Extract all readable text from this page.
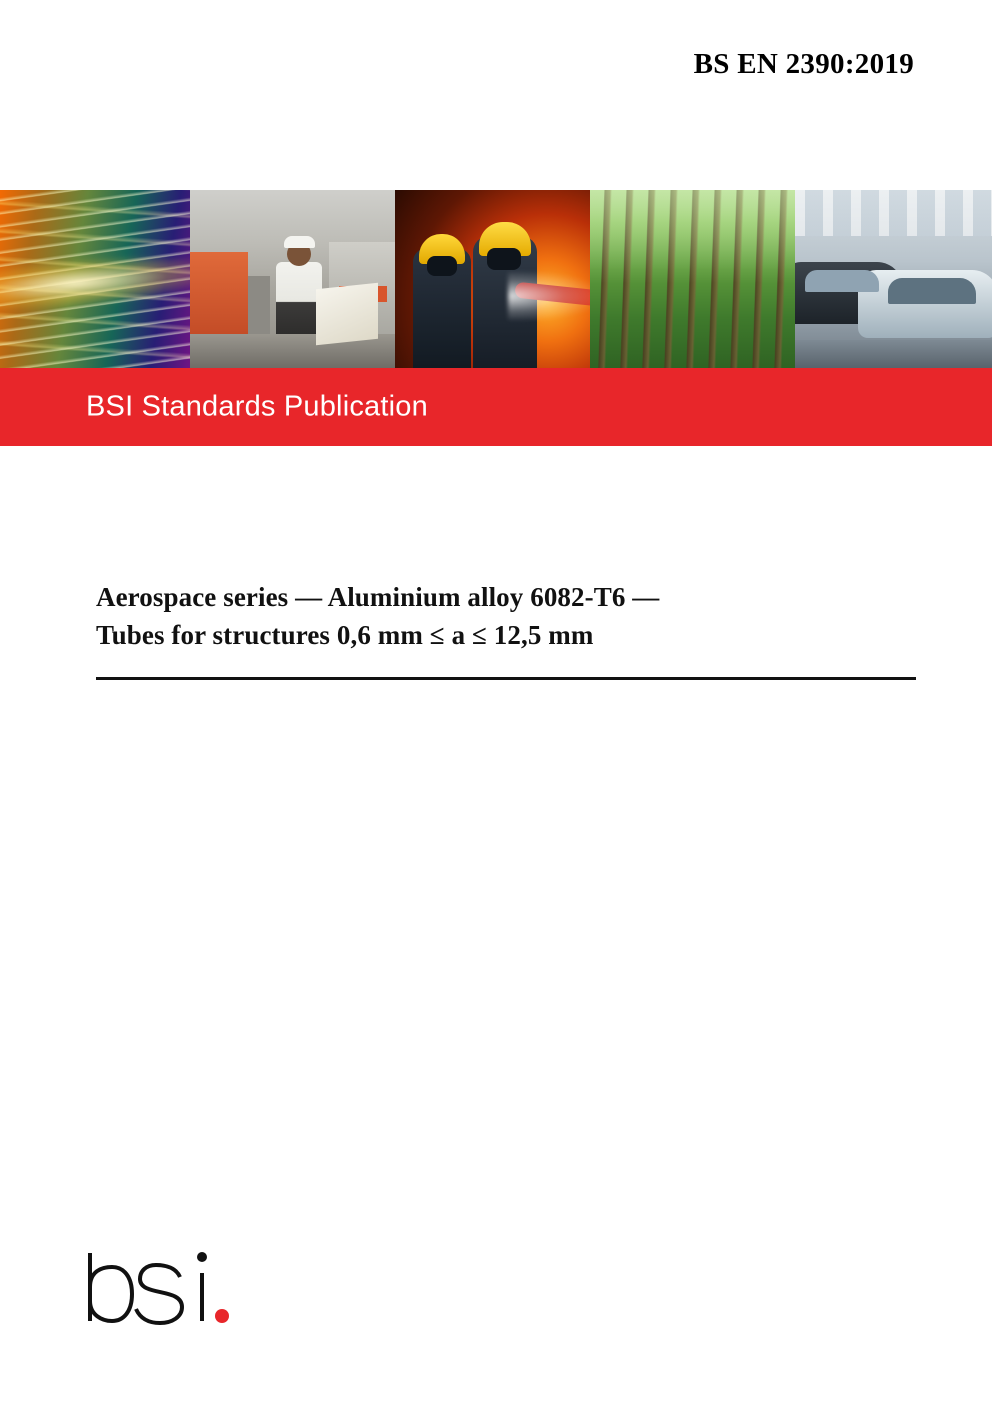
BS EN 2390:2019
BSI Standards Publication
Aerospace series — Aluminium alloy 6082-T6 —
Tubes for structures 0,6 mm ≤ a ≤ 12,5 mm
